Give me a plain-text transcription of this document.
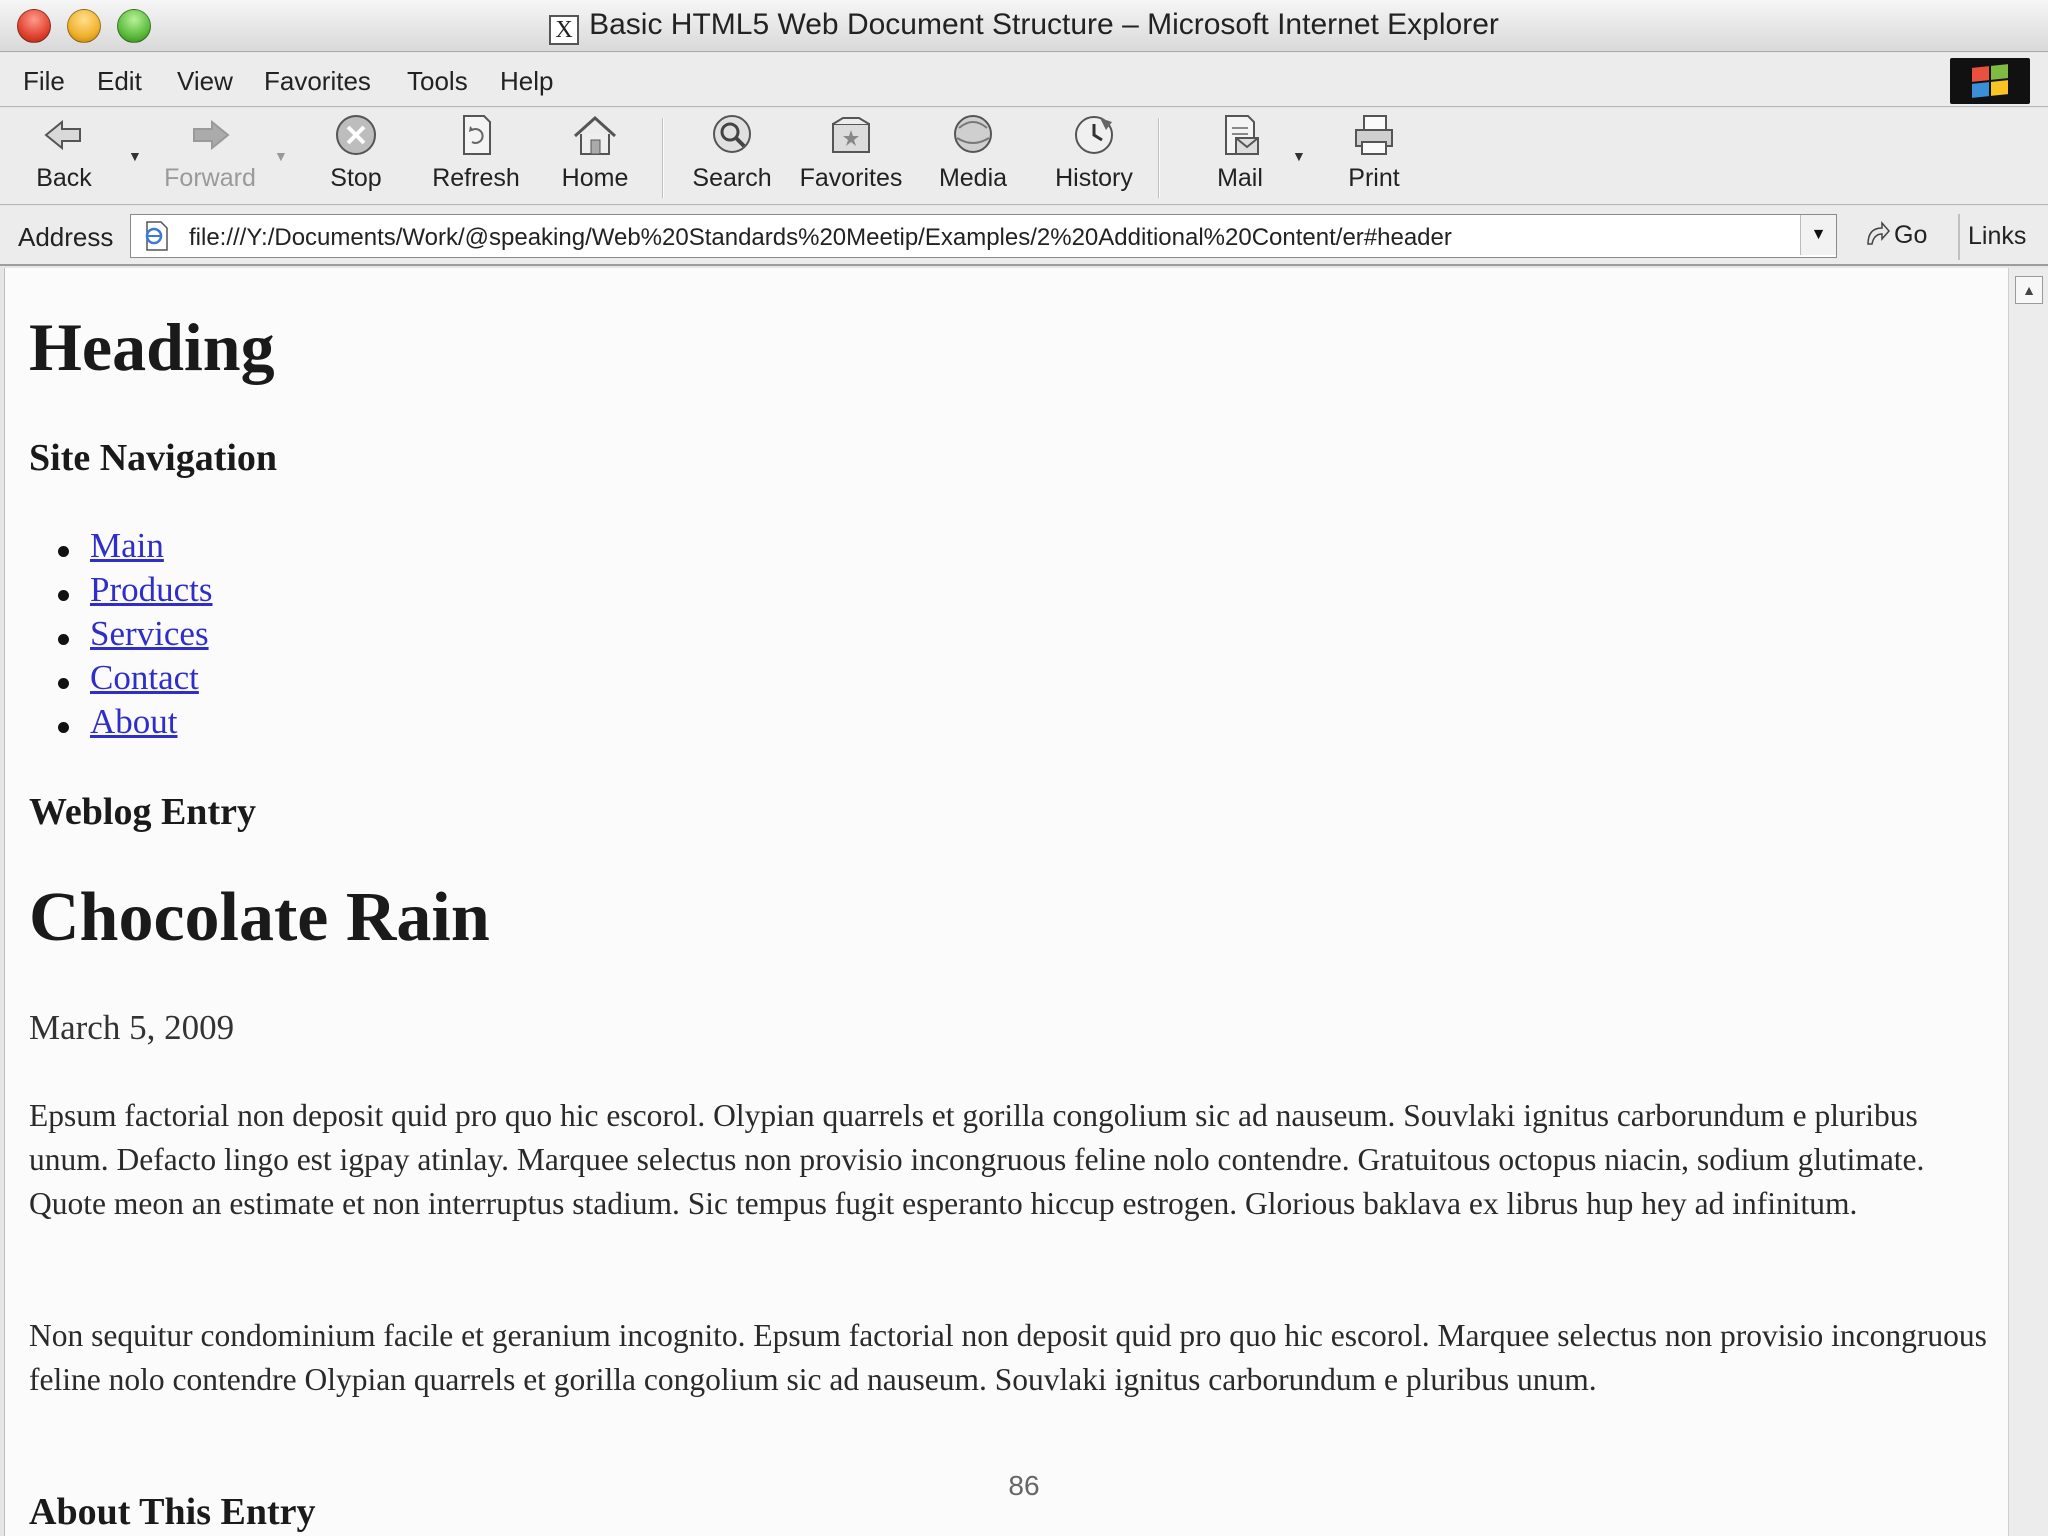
X Basic HTML5 Web Document Structure – Microsoft Internet Explorer
File Edit View Favorites Tools Help
Back
▼
Forward
▼
Stop	Refresh Home	Search Favorites Media History	Mail
▼
Print
Address	file:///Y:/Documents/Work/@speaking/Web%20Standards%20Meetip/Examples/2%20Additional%20Content/er#header	▼	Go Links
Heading
Site Navigation
Main
Products
Services
Contact
About
Weblog Entry
Chocolate Rain

March 5, 2009

Epsum factorial non deposit quid pro quo hic escorol. Olypian quarrels et gorilla congolium sic ad nauseum. Souvlaki ignitus carborundum e pluribus unum. Defacto lingo est igpay atinlay. Marquee selectus non provisio incongruous feline nolo contendre. Gratuitous octopus niacin, sodium glutimate. Quote meon an estimate et non interruptus stadium. Sic tempus fugit esperanto hiccup estrogen. Glorious baklava ex librus hup hey ad infinitum.

Non sequitur condominium facile et geranium incognito. Epsum factorial non deposit quid pro quo hic escorol. Marquee selectus non provisio incongruous feline nolo contendre Olypian quarrels et gorilla congolium sic ad nauseum. Souvlaki ignitus carborundum e pluribus unum.

About This Entry
▲
86
